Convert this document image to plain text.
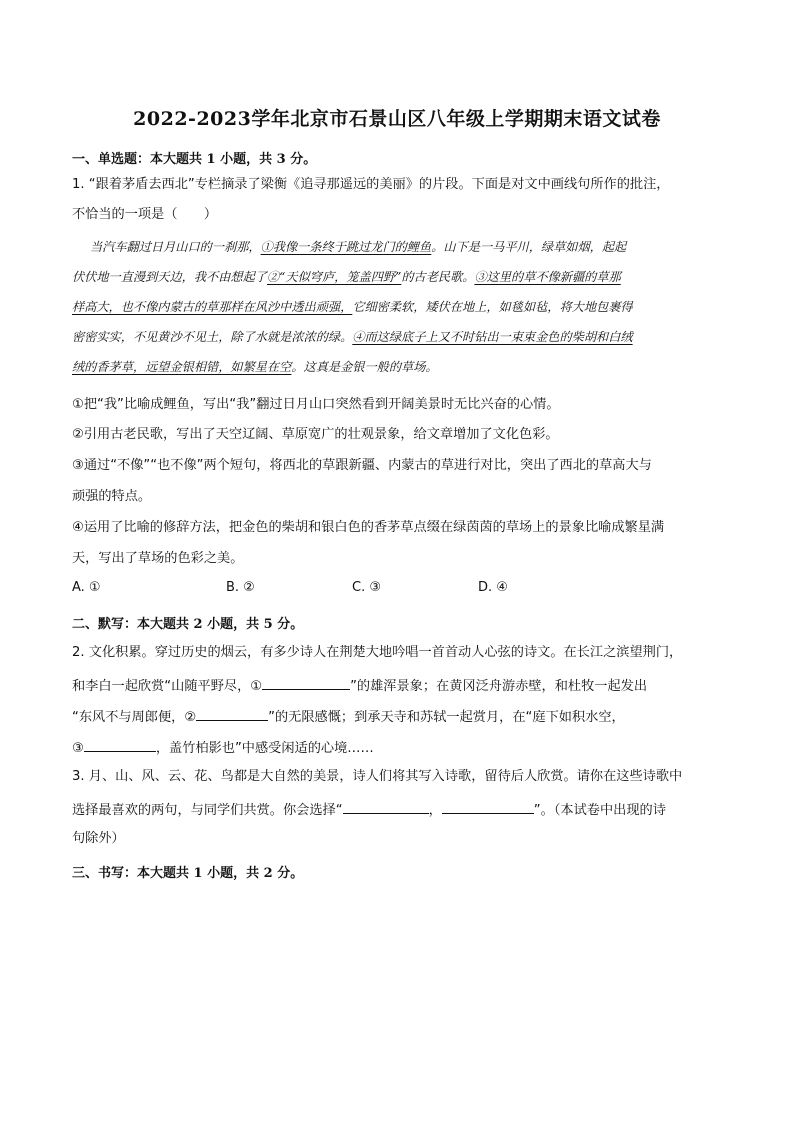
2022-2023学年北京市石景山区八年级上学期期末语文试卷
一、单选题：本大题共 1 小题，共 3 分。
1. “跟着茅盾去西北”专栏摘录了梁衡《追寻那遥远的美丽》的片段。下面是对文中画线句所作的批注，
不恰当的一项是（　　）
当汽车翻过日月山口的一刹那，①我像一条终于跳过龙门的鲤鱼。山下是一马平川，绿草如烟，起起
伏伏地一直漫到天边，我不由想起了②“天似穹庐，笼盖四野”的古老民歌。③这里的草不像新疆的草那
样高大，也不像内蒙古的草那样在风沙中透出顽强，它细密柔软，矮伏在地上，如毯如毡，将大地包裹得
密密实实，不见黄沙不见土，除了水就是浓浓的绿。④而这绿底子上又不时钻出一束束金色的柴胡和白绒
绒的香茅草，远望金银相错，如繁星在空。这真是金银一般的草场。
①把“我”比喻成鲤鱼，写出“我”翻过日月山口突然看到开阔美景时无比兴奋的心情。
②引用古老民歌，写出了天空辽阔、草原宽广的壮观景象，给文章增加了文化色彩。
③通过“不像”“也不像”两个短句，将西北的草跟新疆、内蒙古的草进行对比，突出了西北的草高大与
顽强的特点。
④运用了比喻的修辞方法，把金色的柴胡和银白色的香茅草点缀在绿茵茵的草场上的景象比喻成繁星满
天，写出了草场的色彩之美。
A. ①	B. ②	C. ③	D. ④
二、默写：本大题共 2 小题，共 5 分。
2. 文化积累。穿过历史的烟云，有多少诗人在荆楚大地吟唱一首首动人心弦的诗文。在长江之滨望荆门，
和李白一起欣赏“山随平野尽，①	”的雄浑景象；在黄冈泛舟游赤壁，和杜牧一起发出
“东风不与周郎便，②	”的无限感慨；到承天寺和苏轼一起赏月，在“庭下如积水空，
③	，盖竹柏影也”中感受闲适的心境……
3. 月、山、风、云、花、鸟都是大自然的美景，诗人们将其写入诗歌，留待后人欣赏。请你在这些诗歌中
选择最喜欢的两句，与同学们共赏。你会选择“	，	”。（本试卷中出现的诗
句除外）
三、书写：本大题共 1 小题，共 2 分。
